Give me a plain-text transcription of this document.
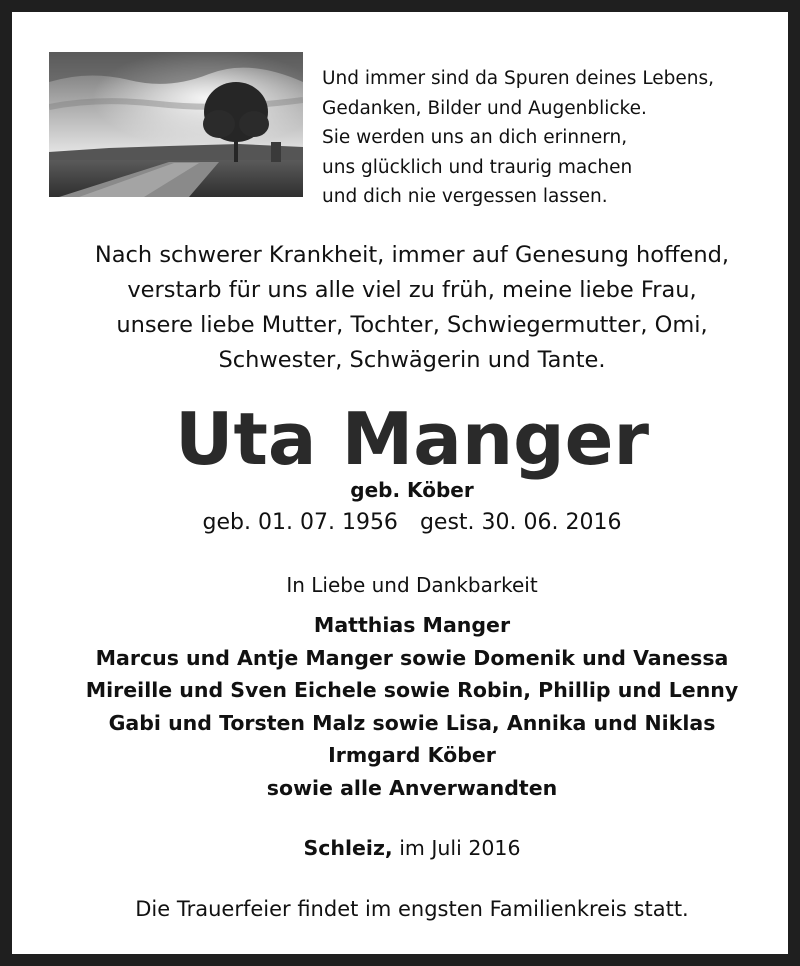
Und immer sind da Spuren deines Lebens,
Gedanken, Bilder und Augenblicke.
Sie werden uns an dich erinnern,
uns glücklich und traurig machen
und dich nie vergessen lassen.
Nach schwerer Krankheit, immer auf Genesung hoffend,
verstarb für uns alle viel zu früh, meine liebe Frau,
unsere liebe Mutter, Tochter, Schwiegermutter, Omi,
Schwester, Schwägerin und Tante.
Uta Manger
geb. Köber
geb. 01. 07. 1956 gest. 30. 06. 2016
In Liebe und Dankbarkeit
Matthias Manger
Marcus und Antje Manger sowie Domenik und Vanessa
Mireille und Sven Eichele sowie Robin, Phillip und Lenny
Gabi und Torsten Malz sowie Lisa, Annika und Niklas
Irmgard Köber
sowie alle Anverwandten
Schleiz, im Juli 2016
Die Trauerfeier findet im engsten Familienkreis statt.
